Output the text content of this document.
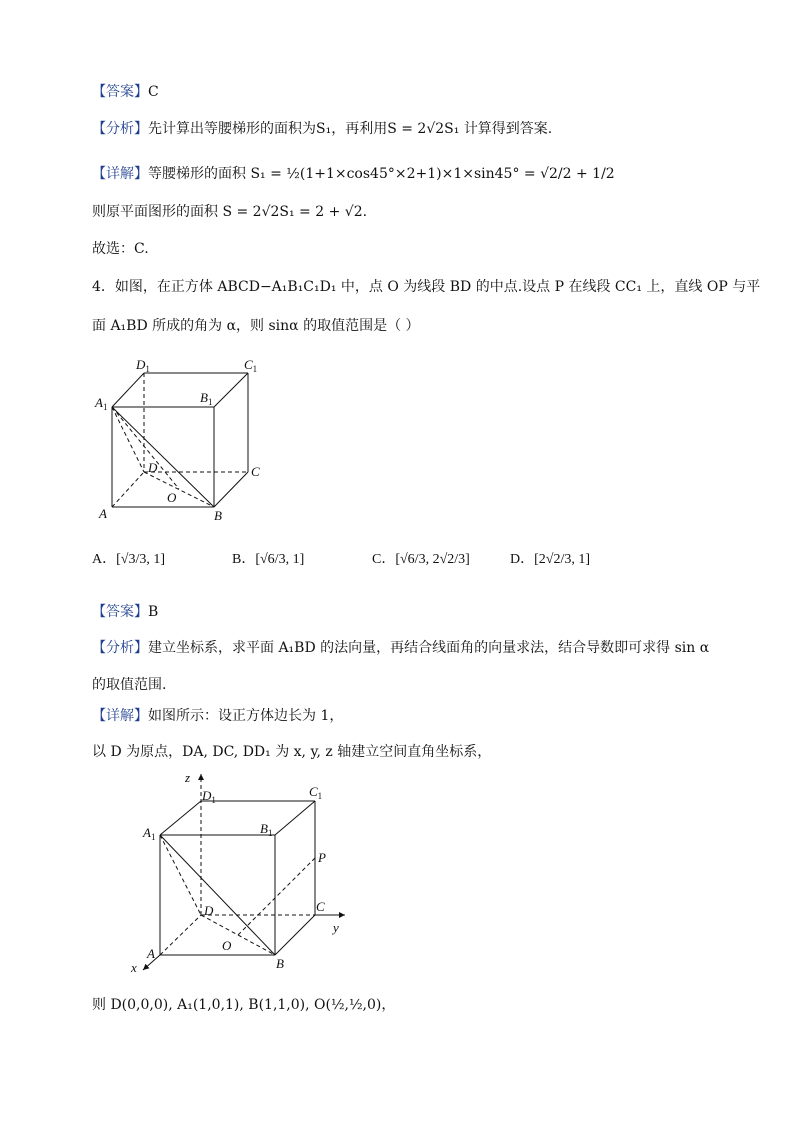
【答案】C
【分析】先计算出等腰梯形的面积为S₁，再利用S = 2√2S₁ 计算得到答案.
【详解】等腰梯形的面积 S₁ = ½(1+1×cos45°×2+1)×1×sin45° = √2/2 + 1/2
则原平面图形的面积 S = 2√2S₁ = 2 + √2.
故选：C.
4．如图，在正方体 ABCD−A₁B₁C₁D₁ 中，点 O 为线段 BD 的中点.设点 P 在线段 CC₁ 上，直线 OP 与平
面 A₁BD 所成的角为 α，则 sinα 的取值范围是（ ）
$D_1$	$C_1$
$A_1$
$B_1$
D	C
O
A	B
A．[√3/3, 1]	B．[√6/3, 1]	C．[√6/3, 2√2/3]	D．[2√2/3, 1]
【答案】B
【分析】建立坐标系，求平面 A₁BD 的法向量，再结合线面角的向量求法，结合导数即可求得 sin α
的取值范围.
【详解】如图所示：设正方体边长为 1，
以 D 为原点，DA, DC, DD₁ 为 x, y, z 轴建立空间直角坐标系，
z
x
y
$D_1$
$C_1$
$A_1$
$B_1$
P
D	C
O
A
B
则 D(0,0,0), A₁(1,0,1), B(1,1,0), O(½,½,0)，
